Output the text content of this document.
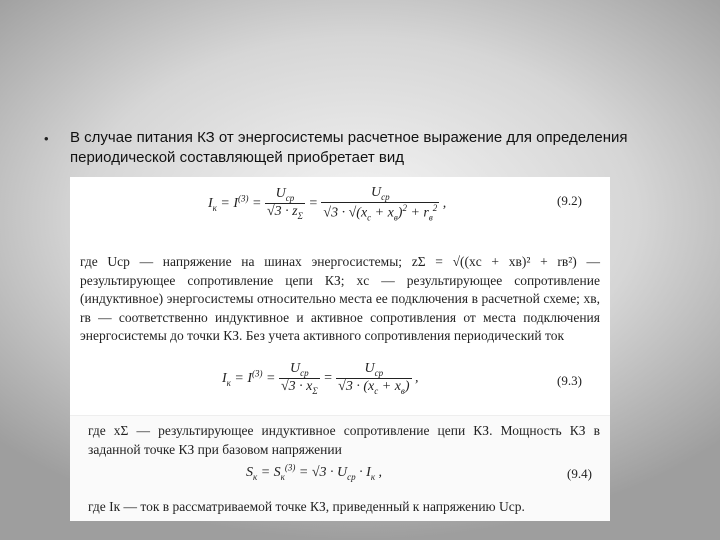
• В случае питания КЗ от энергосистемы расчетное выражение для определения
периодической составляющей приобретает вид
$I_к = I^{(3)} = \frac{U_{ср}}{√3 \cdot z_\Sigma} = \frac{U_{ср}}{√3 \cdot √(x_с + x_в)^2 + r_в^2}$ ,	(9.2)
где Uср — напряжение на шинах энергосистемы; zΣ = √((xс + xв)² + rв²) — результирующее сопротивление цепи КЗ; xс — результирующее сопротивление (индуктивное) энергосистемы относительно места ее подключения в расчетной схеме; xв, rв — соответственно индуктивное и активное сопротивления от места подключения энергосистемы до точки КЗ. Без учета активного сопротивления периодический ток
$I_к = I^{(3)} = \frac{U_{ср}}{√3 \cdot x_\Sigma} = \frac{U_{ср}}{√3 \cdot (x_с + x_в)}$ ,	(9.3)
где xΣ — результирующее индуктивное сопротивление цепи КЗ. Мощность КЗ в заданной точке КЗ при базовом напряжении
$S_к = S_к^{(3)} = √3 \cdot U_{ср} \cdot I_к$ ,	(9.4)
где Iк — ток в рассматриваемой точке КЗ, приведенный к напряжению Uср.
